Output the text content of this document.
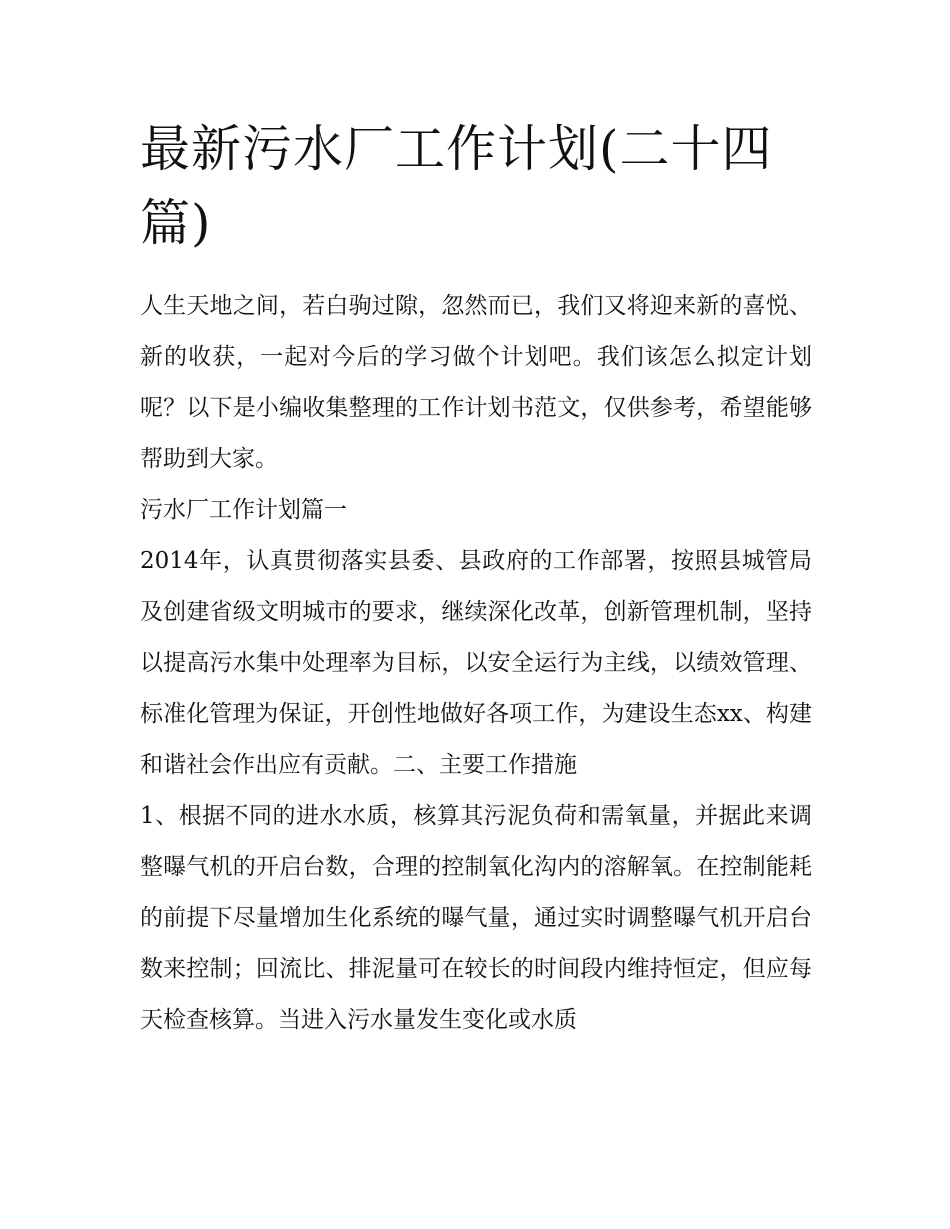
最新污水厂工作计划(二十四篇)

人生天地之间，若白驹过隙，忽然而已，我们又将迎来新的喜悦、新的收获，一起对今后的学习做个计划吧。我们该怎么拟定计划呢？以下是小编收集整理的工作计划书范文，仅供参考，希望能够帮助到大家。

污水厂工作计划篇一

2014年，认真贯彻落实县委、县政府的工作部署，按照县城管局及创建省级文明城市的要求，继续深化改革，创新管理机制，坚持以提高污水集中处理率为目标，以安全运行为主线，以绩效管理、标准化管理为保证，开创性地做好各项工作，为建设生态xx、构建和谐社会作出应有贡献。二、主要工作措施

1、根据不同的进水水质，核算其污泥负荷和需氧量，并据此来调整曝气机的开启台数，合理的控制氧化沟内的溶解氧。在控制能耗的前提下尽量增加生化系统的曝气量，通过实时调整曝气机开启台数来控制；回流比、排泥量可在较长的时间段内维持恒定，但应每天检查核算。当进入污水量发生变化或水质
